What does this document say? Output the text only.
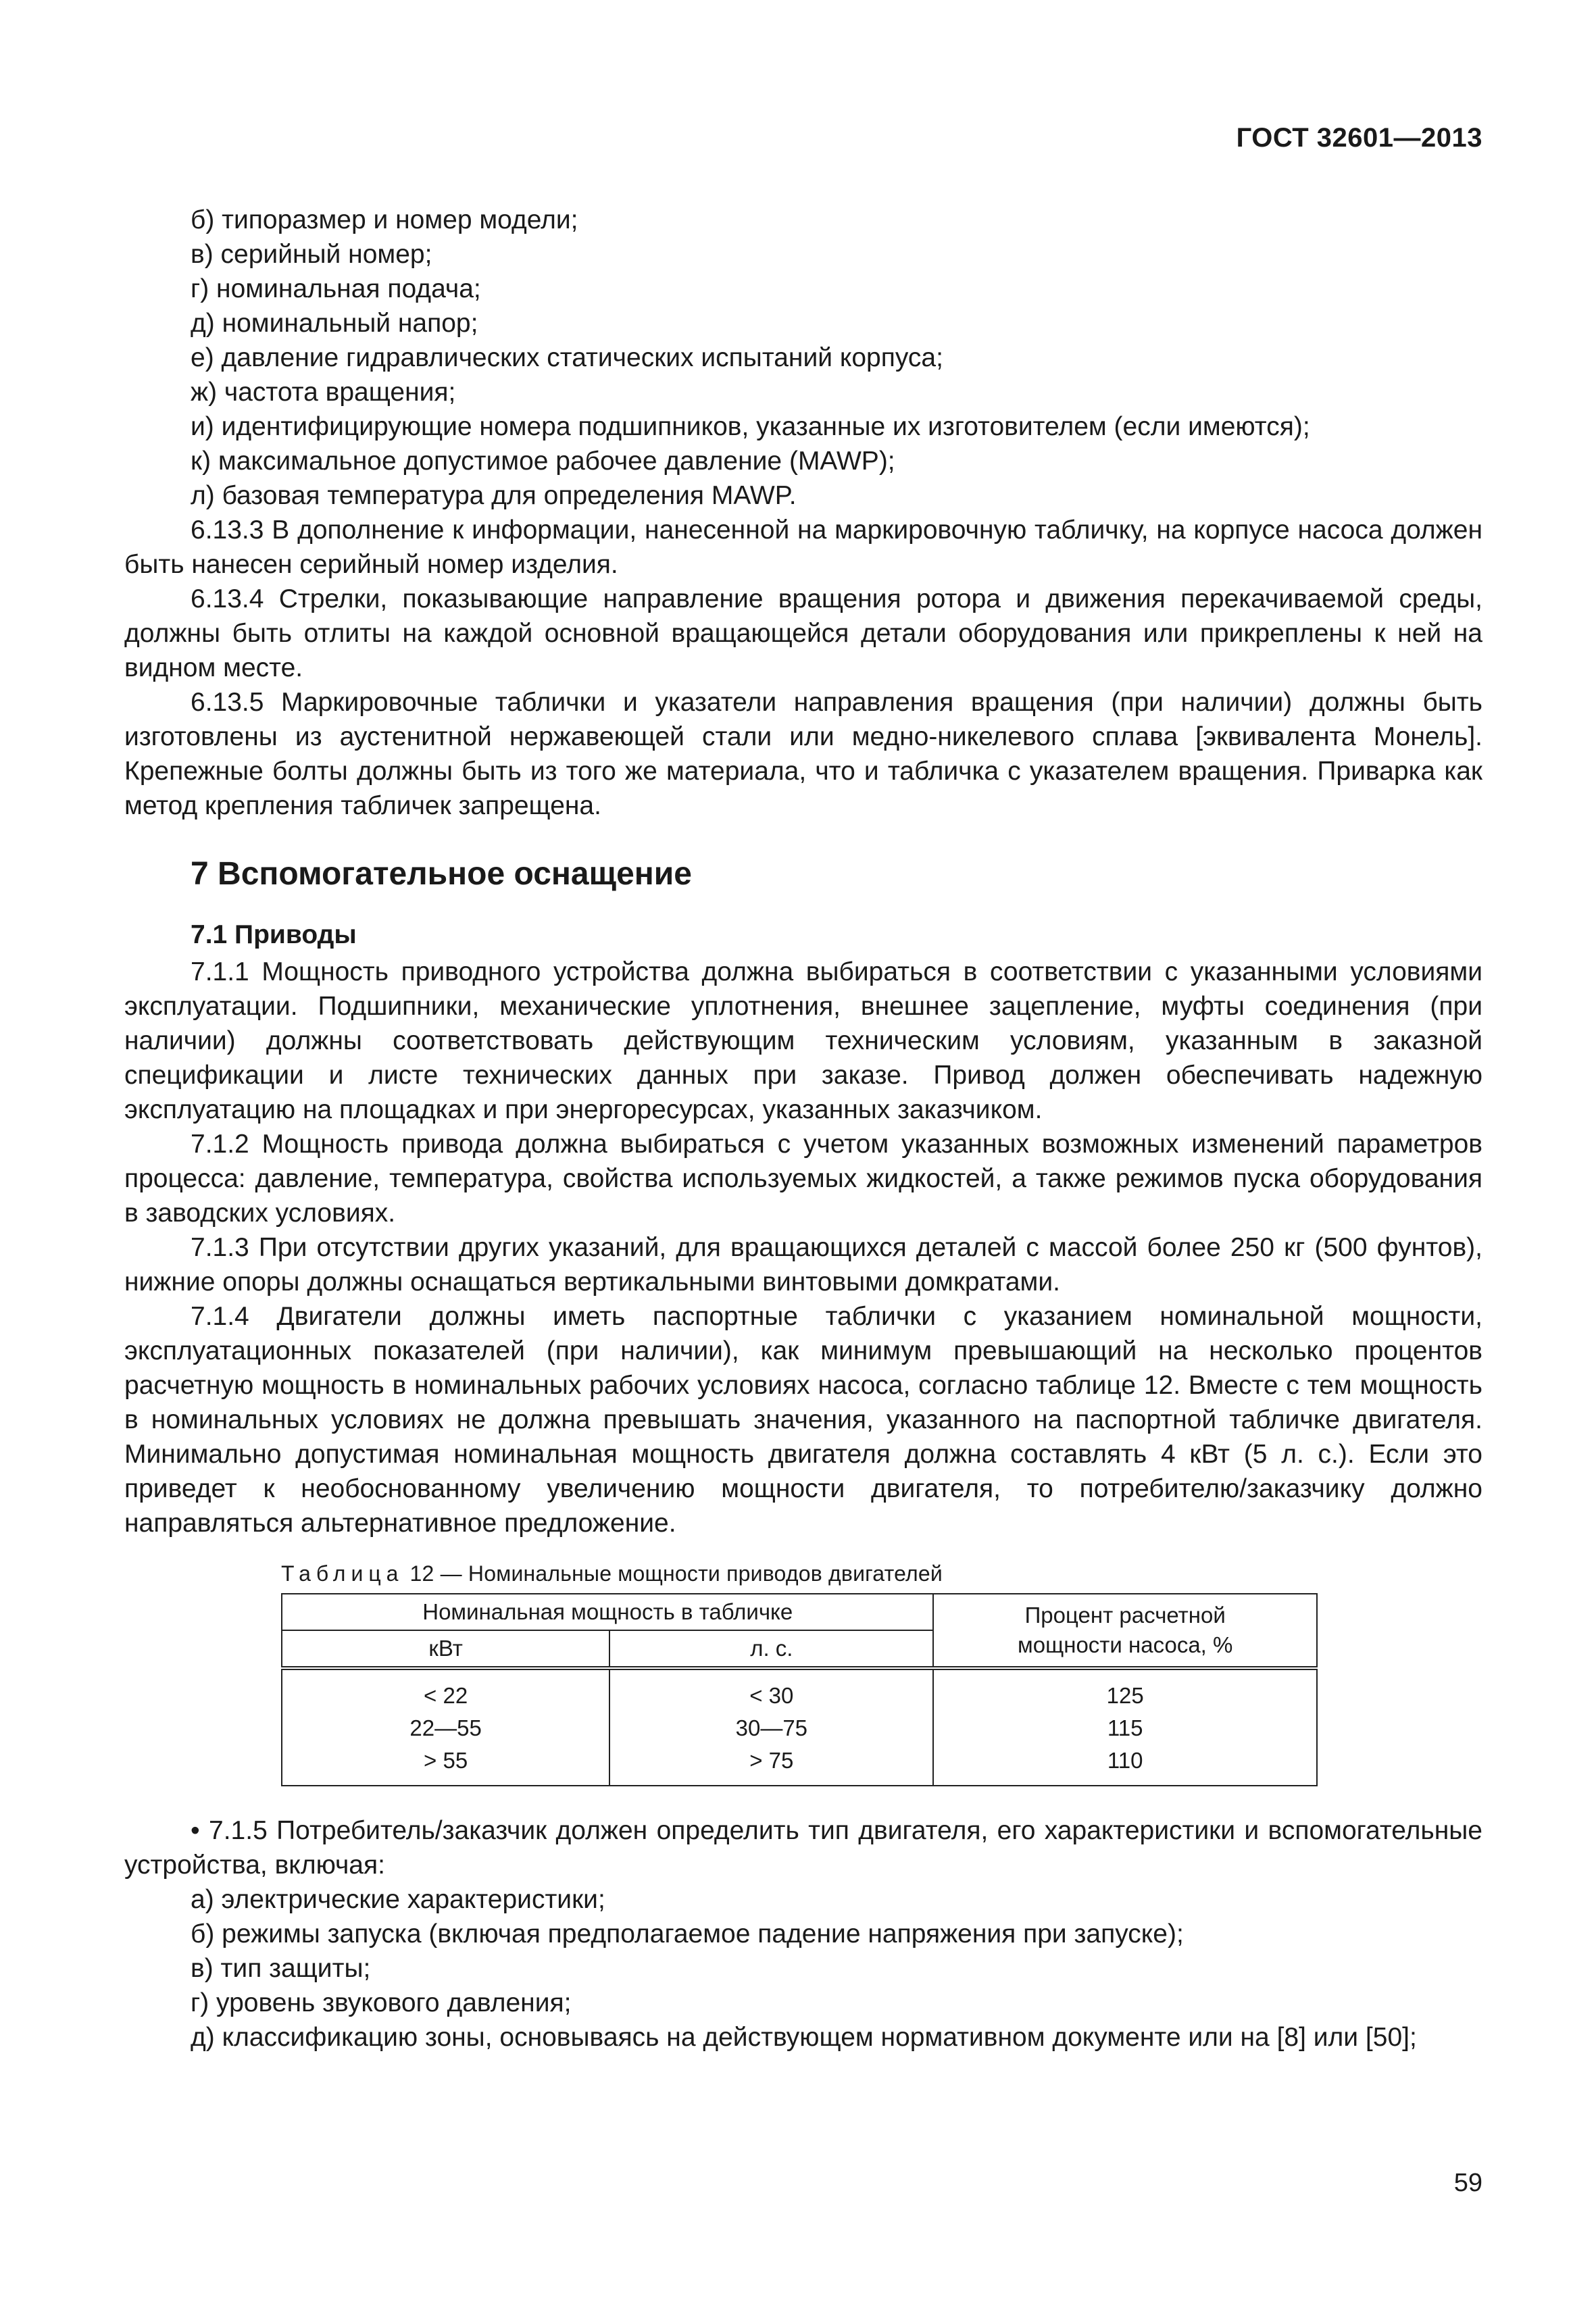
ГОСТ 32601—2013

б) типоразмер и номер модели;

в) серийный номер;

г) номинальная подача;

д) номинальный напор;

е) давление гидравлических статических испытаний корпуса;

ж) частота вращения;

и) идентифицирующие номера подшипников, указанные их изготовителем (если имеются);

к) максимальное допустимое рабочее давление (MAWP);

л) базовая температура для определения MAWP.

6.13.3 В дополнение к информации, нанесенной на маркировочную табличку, на корпусе насоса должен быть нанесен серийный номер изделия.

6.13.4 Стрелки, показывающие направление вращения ротора и движения перекачиваемой среды, должны быть отлиты на каждой основной вращающейся детали оборудования или прикреплены к ней на видном месте.

6.13.5 Маркировочные таблички и указатели направления вращения (при наличии) должны быть изготовлены из аустенитной нержавеющей стали или медно-никелевого сплава [эквивалента Монель]. Крепежные болты должны быть из того же материала, что и табличка с указателем вращения. Приварка как метод крепления табличек запрещена.

7 Вспомогательное оснащение
7.1 Приводы

7.1.1 Мощность приводного устройства должна выбираться в соответствии с указанными условиями эксплуатации. Подшипники, механические уплотнения, внешнее зацепление, муфты соединения (при наличии) должны соответствовать действующим техническим условиям, указанным в заказной спецификации и листе технических данных при заказе. Привод должен обеспечивать надежную эксплуатацию на площадках и при энергоресурсах, указанных заказчиком.

7.1.2 Мощность привода должна выбираться с учетом указанных возможных изменений параметров процесса: давление, температура, свойства используемых жидкостей, а также режимов пуска оборудования в заводских условиях.

7.1.3 При отсутствии других указаний, для вращающихся деталей с массой более 250 кг (500 фунтов), нижние опоры должны оснащаться вертикальными винтовыми домкратами.

7.1.4 Двигатели должны иметь паспортные таблички с указанием номинальной мощности, эксплуатационных показателей (при наличии), как минимум превышающий на несколько процентов расчетную мощность в номинальных рабочих условиях насоса, согласно таблице 12. Вместе с тем мощность в номинальных условиях не должна превышать значения, указанного на паспортной табличке двигателя. Минимально допустимая номинальная мощность двигателя должна составлять 4 кВт (5 л. с.). Если это приведет к необоснованному увеличению мощности двигателя, то потребителю/заказчику должно направляться альтернативное предложение.

Таблица 12 — Номинальные мощности приводов двигателей
Номинальная мощность в табличке		Процент расчетной мощности насоса, %
кВт	л. с.	
< 22	< 30	125
22—55	30—75	115
> 55	> 75	110

• 7.1.5 Потребитель/заказчик должен определить тип двигателя, его характеристики и вспомогательные устройства, включая:

а) электрические характеристики;

б) режимы запуска (включая предполагаемое падение напряжения при запуске);

в) тип защиты;

г) уровень звукового давления;

д) классификацию зоны, основываясь на действующем нормативном документе или на [8] или [50];

59
